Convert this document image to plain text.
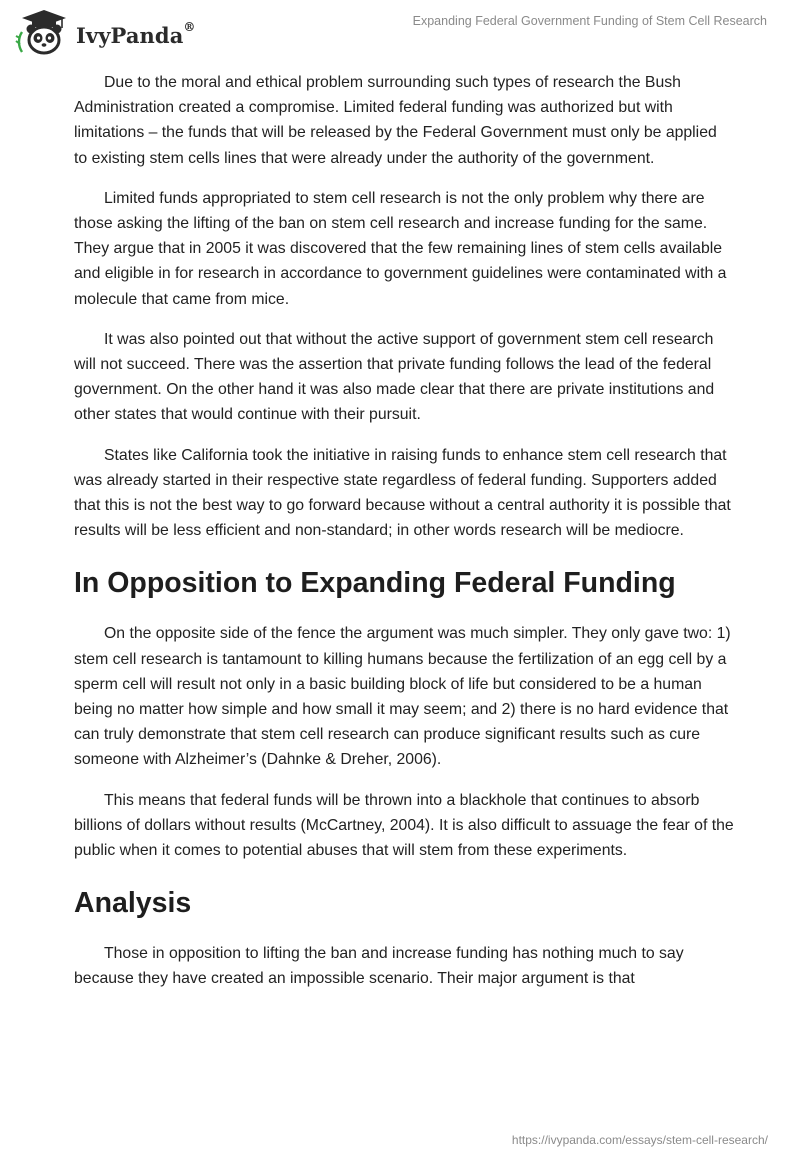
IvyPanda®	Expanding Federal Government Funding of Stem Cell Research

Due to the moral and ethical problem surrounding such types of research the Bush Administration created a compromise. Limited federal funding was authorized but with limitations – the funds that will be released by the Federal Government must only be applied to existing stem cells lines that were already under the authority of the government.

Limited funds appropriated to stem cell research is not the only problem why there are those asking the lifting of the ban on stem cell research and increase funding for the same. They argue that in 2005 it was discovered that the few remaining lines of stem cells available and eligible in for research in accordance to government guidelines were contaminated with a molecule that came from mice.

It was also pointed out that without the active support of government stem cell research will not succeed. There was the assertion that private funding follows the lead of the federal government. On the other hand it was also made clear that there are private institutions and other states that would continue with their pursuit.

States like California took the initiative in raising funds to enhance stem cell research that was already started in their respective state regardless of federal funding. Supporters added that this is not the best way to go forward because without a central authority it is possible that results will be less efficient and non-standard; in other words research will be mediocre.

In Opposition to Expanding Federal Funding

On the opposite side of the fence the argument was much simpler. They only gave two: 1) stem cell research is tantamount to killing humans because the fertilization of an egg cell by a sperm cell will result not only in a basic building block of life but considered to be a human being no matter how simple and how small it may seem; and 2) there is no hard evidence that can truly demonstrate that stem cell research can produce significant results such as cure someone with Alzheimer’s (Dahnke & Dreher, 2006).

This means that federal funds will be thrown into a blackhole that continues to absorb billions of dollars without results (McCartney, 2004). It is also difficult to assuage the fear of the public when it comes to potential abuses that will stem from these experiments.

Analysis

Those in opposition to lifting the ban and increase funding has nothing much to say because they have created an impossible scenario. Their major argument is that

https://ivypanda.com/essays/stem-cell-research/
